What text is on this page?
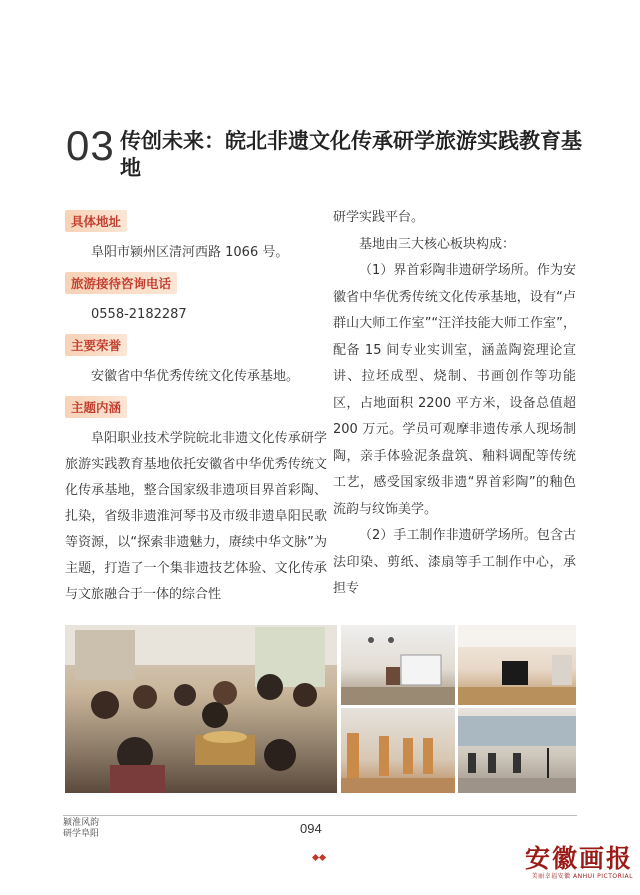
03 传创未来：皖北非遗文化传承研学旅游实践教育基地
具体地址
阜阳市颍州区清河西路 1066 号。
旅游接待咨询电话
0558-2182287
主要荣誉
安徽省中华优秀传统文化传承基地。
主题内涵
阜阳职业技术学院皖北非遗文化传承研学旅游实践教育基地依托安徽省中华优秀传统文化传承基地，整合国家级非遗项目界首彩陶、扎染，省级非遗淮河琴书及市级非遗阜阳民歌等资源，以“探索非遗魅力，赓续中华文脉”为主题，打造了一个集非遗技艺体验、文化传承与文旅融合于一体的综合性
研学实践平台。
基地由三大核心板块构成：
（1）界首彩陶非遗研学场所。作为安徽省中华优秀传统文化传承基地，设有“卢群山大师工作室”“汪洋技能大师工作室”，配备 15 间专业实训室，涵盖陶瓷理论宣讲、拉坯成型、烧制、书画创作等功能区，占地面积 2200 平方米，设备总值超 200 万元。学员可观摩非遗传承人现场制陶，亲手体验泥条盘筑、釉料调配等传统工艺，感受国家级非遗“界首彩陶”的釉色流韵与纹饰美学。
（2）手工制作非遗研学场所。包含古法印染、剪纸、漆扇等手工制作中心，承担专
颍淮风韵 研学阜阳	094
安徽画报
美丽幸福安徽 ANHUI PICTORIAL
